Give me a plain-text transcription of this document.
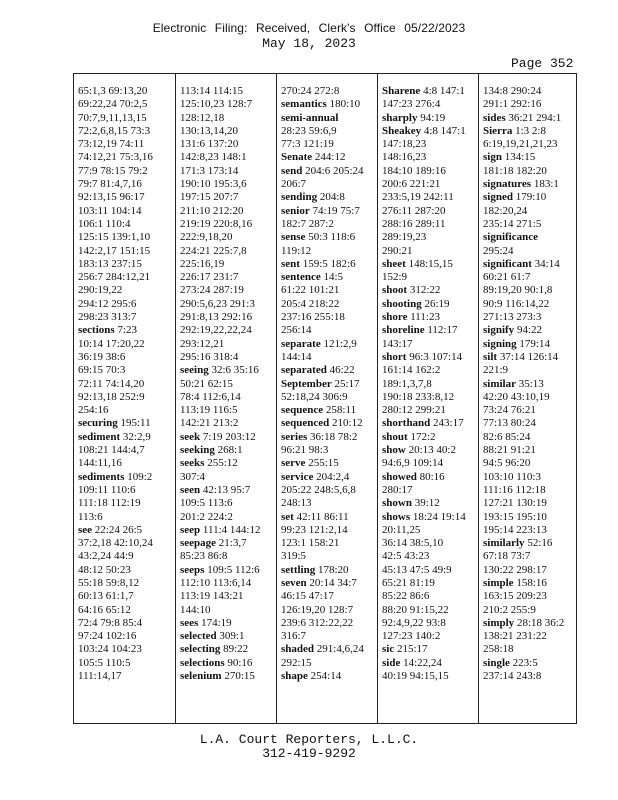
Electronic Filing: Received, Clerk's Office 05/22/2023
May 18, 2023
Page 352
65:1,3 69:13,20
69:22,24 70:2,5
70:7,9,11,13,15
72:2,6,8,15 73:3
73:12,19 74:11
74:12,21 75:3,16
77:9 78:15 79:2
79:7 81:4,7,16
92:13,15 96:17
103:11 104:14
106:1 110:4
125:15 139:1,10
142:2,17 151:15
183:13 237:15
256:7 284:12,21
290:19,22
294:12 295:6
298:23 313:7
sections 7:23
10:14 17:20,22
36:19 38:6
69:15 70:3
72:11 74:14,20
92:13,18 252:9
254:16
securing 195:11
sediment 32:2,9
108:21 144:4,7
144:11,16
sediments 109:2
109:11 110:6
111:18 112:19
113:6
see 22:24 26:5
37:2,18 42:10,24
43:2,24 44:9
48:12 50:23
55:18 59:8,12
60:13 61:1,7
64:16 65:12
72:4 79:8 85:4
97:24 102:16
103:24 104:23
105:5 110:5
111:14,17
113:14 114:15
125:10,23 128:7
128:12,18
130:13,14,20
131:6 137:20
142:8,23 148:1
171:3 173:14
190:10 195:3,6
197:15 207:7
211:10 212:20
219:19 220:8,16
222:9,18,20
224:21 225:7,8
225:16,19
226:17 231:7
273:24 287:19
290:5,6,23 291:3
291:8,13 292:16
292:19,22,22,24
293:12,21
295:16 318:4
seeing 32:6 35:16
50:21 62:15
78:4 112:6,14
113:19 116:5
142:21 213:2
seek 7:19 203:12
seeking 268:1
seeks 255:12
307:4
seen 42:13 95:7
109:5 113:6
201:2 224:2
seep 111:4 144:12
seepage 21:3,7
85:23 86:8
seeps 109:5 112:6
112:10 113:6,14
113:19 143:21
144:10
sees 174:19
selected 309:1
selecting 89:22
selections 90:16
selenium 270:15
270:24 272:8
semantics 180:10
semi-annual
28:23 59:6,9
77:3 121:19
Senate 244:12
send 204:6 205:24
206:7
sending 204:8
senior 74:19 75:7
182:7 287:2
sense 50:3 118:6
119:12
sent 159:5 182:6
sentence 14:5
61:22 101:21
205:4 218:22
237:16 255:18
256:14
separate 121:2,9
144:14
separated 46:22
September 25:17
52:18,24 306:9
sequence 258:11
sequenced 210:12
series 36:18 78:2
96:21 98:3
serve 255:15
service 204:2,4
205:22 248:5,6,8
248:13
set 42:11 86:11
99:23 121:2,14
123:1 158:21
319:5
settling 178:20
seven 20:14 34:7
46:15 47:17
126:19,20 128:7
239:6 312:22,22
316:7
shaded 291:4,6,24
292:15
shape 254:14
Sharene 4:8 147:1
147:23 276:4
sharply 94:19
Sheakey 4:8 147:1
147:18,23
148:16,23
184:10 189:16
200:6 221:21
233:5,19 242:11
276:11 287:20
288:16 289:11
289:19,23
290:21
sheet 148:15,15
152:9
shoot 312:22
shooting 26:19
shore 111:23
shoreline 112:17
143:17
short 96:3 107:14
161:14 162:2
189:1,3,7,8
190:18 233:8,12
280:12 299:21
shorthand 243:17
shout 172:2
show 20:13 40:2
94:6,9 109:14
showed 80:16
280:17
shown 39:12
shows 18:24 19:14
20:11,25
36:14 38:5,10
42:5 43:23
45:13 47:5 49:9
65:21 81:19
85:22 86:6
88:20 91:15,22
92:4,9,22 93:8
127:23 140:2
sic 215:17
side 14:22,24
40:19 94:15,15
134:8 290:24
291:1 292:16
sides 36:21 294:1
Sierra 1:3 2:8
6:19,19,21,21,23
sign 134:15
181:18 182:20
signatures 183:1
signed 179:10
182:20,24
235:14 271:5
significance
295:24
significant 34:14
60:21 61:7
89:19,20 90:1,8
90:9 116:14,22
271:13 273:3
signify 94:22
signing 179:14
silt 37:14 126:14
221:9
similar 35:13
42:20 43:10,19
73:24 76:21
77:13 80:24
82:6 85:24
88:21 91:21
94:5 96:20
103:10 110:3
111:16 112:18
127:21 130:19
193:15 195:10
195:14 223:13
similarly 52:16
67:18 73:7
130:22 298:17
simple 158:16
163:15 209:23
210:2 255:9
simply 28:18 36:2
138:21 231:22
258:18
single 223:5
237:14 243:8
L.A. Court Reporters, L.L.C.
312-419-9292
